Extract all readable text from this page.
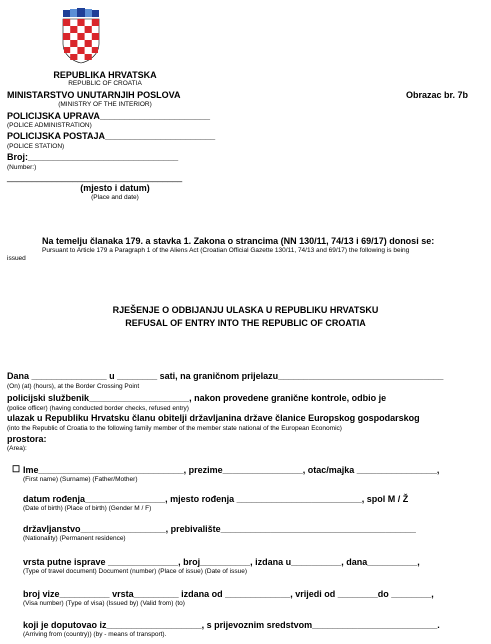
REPUBLIKA HRVATSKA
REPUBLIC OF CROATIA
MINISTARSTVO UNUTARNJIH POSLOVA	Obrazac br. 7b
(MINISTRY OF THE INTERIOR)
POLICIJSKA UPRAVA______________________
(POLICE ADMINISTRATION)
POLICIJSKA POSTAJA______________________
(POLICE STATION)
Broj:______________________________
(Number:)
___________________________________
(mjesto i datum)
(Place and date)
Na temelju članaka 179. a stavka 1. Zakona o strancima (NN 130/11, 74/13 i 69/17) donosi se:
Pursuant to Article 179 a Paragraph 1 of the Aliens Act (Croatian Official Gazette 130/11, 74/13 and 69/17) the following is being
issued
RJEŠENJE O ODBIJANJU ULASKA U REPUBLIKU HRVATSKU
REFUSAL OF ENTRY INTO THE REPUBLIC OF CROATIA
Dana _______________ u ________ sati, na graničnom prijelazu_________________________________
(On) (at) (hours), at the Border Crossing Point
policijski službenik____________________, nakon provedene granične kontrole, odbio je
(police officer) (having conducted border checks, refused entry)
ulazak u Republiku Hrvatsku članu obitelji državljanina države članice Europskog gospodarskog
(into the Republic of Croatia to the following family member of the member state national of the European Economic)
prostora:
(Area):
☐ Ime_____________________________, prezime________________, otac/majka ________________,
(First name) (Surname) (Father/Mother)
datum rođenja________________, mjesto rođenja _________________________, spol M / Ž
(Date of birth) (Place of birth) (Gender M / F)
državljanstvo_________________, prebivalište_______________________________________
(Nationality) (Permanent residence)
vrsta putne isprave ______________, broj__________, izdana u__________, dana__________,
(Type of travel document) Document (number) (Place of issue) (Date of issue)
broj vize__________ vrsta_________ izdana od _____________, vrijedi od ________do ________,
(Visa number) (Type of visa) (Issued by) (Valid from) (to)
koji je doputovao iz___________________, s prijevoznim sredstvom_________________________.
(Arriving from (country)) (by - means of transport).
